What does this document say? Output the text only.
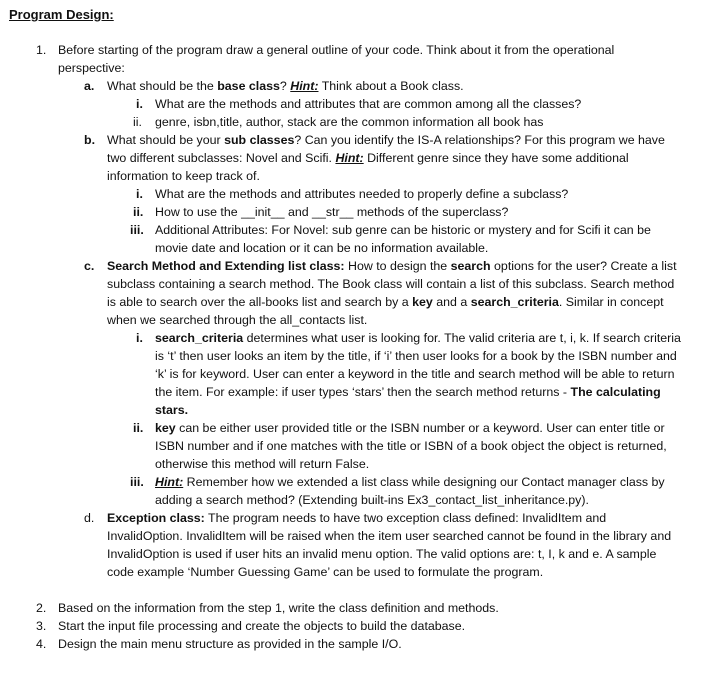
Program Design:
1. Before starting of the program draw a general outline of your code. Think about it from the operational perspective:
a. What should be the base class? Hint: Think about a Book class.
i. What are the methods and attributes that are common among all the classes?
ii. genre, isbn,title, author, stack are the common information all book has
b. What should be your sub classes? Can you identify the IS-A relationships? For this program we have two different subclasses: Novel and Scifi. Hint: Different genre since they have some additional information to keep track of.
i. What are the methods and attributes needed to properly define a subclass?
ii. How to use the __init__ and __str__ methods of the superclass?
iii. Additional Attributes: For Novel: sub genre can be historic or mystery and for Scifi it can be movie date and location or it can be no information available.
c. Search Method and Extending list class: How to design the search options for the user? Create a list subclass containing a search method. The Book class will contain a list of this subclass. Search method is able to search over the all-books list and search by a key and a search_criteria. Similar in concept when we searched through the all_contacts list.
i. search_criteria determines what user is looking for. The valid criteria are t, i, k. If search criteria is ‘t’ then user looks an item by the title, if ‘i’ then user looks for a book by the ISBN number and ‘k’ is for keyword. User can enter a keyword in the title and search method will be able to return the item. For example: if user types ‘stars’ then the search method returns - The calculating stars.
ii. key can be either user provided title or the ISBN number or a keyword. User can enter title or ISBN number and if one matches with the title or ISBN of a book object the object is returned, otherwise this method will return False.
iii. Hint: Remember how we extended a list class while designing our Contact manager class by adding a search method? (Extending built-ins Ex3_contact_list_inheritance.py).
d. Exception class: The program needs to have two exception class defined: InvalidItem and InvalidOption. InvalidItem will be raised when the item user searched cannot be found in the library and InvalidOption is used if user hits an invalid menu option. The valid options are: t, I, k and e. A sample code example ‘Number Guessing Game’ can be used to formulate the program.
2. Based on the information from the step 1, write the class definition and methods.
3. Start the input file processing and create the objects to build the database.
4. Design the main menu structure as provided in the sample I/O.
